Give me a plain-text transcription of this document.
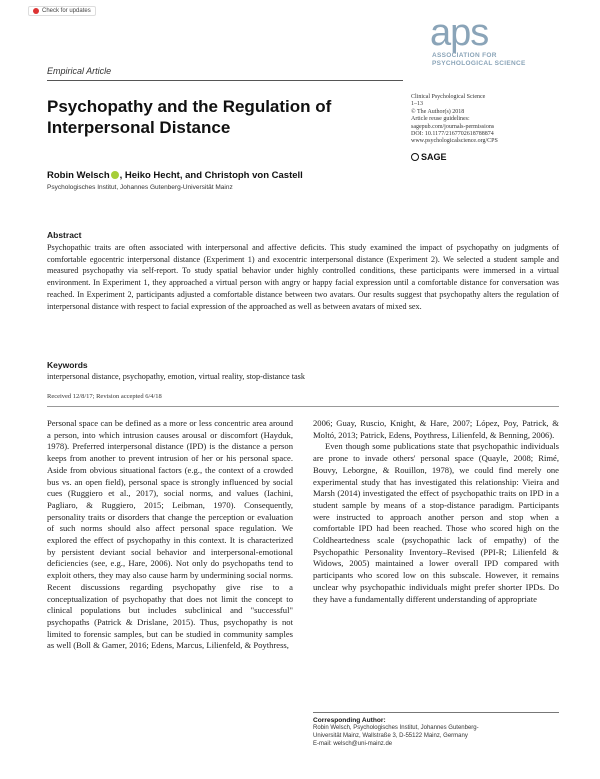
Check for updates
aps
ASSOCIATION FOR
PSYCHOLOGICAL SCIENCE
Empirical Article
Psychopathy and the Regulation of Interpersonal Distance
Clinical Psychological Science
1–13
© The Author(s) 2018
Article reuse guidelines:
sagepub.com/journals-permissions
DOI: 10.1177/2167702618788874
www.psychologicalscience.org/CPS
SAGE
Robin Welsch , Heiko Hecht, and Christoph von Castell
Psychologisches Institut, Johannes Gutenberg-Universität Mainz
Abstract

Psychopathic traits are often associated with interpersonal and affective deficits. This study examined the impact of psychopathy on judgments of comfortable egocentric interpersonal distance (Experiment 1) and exocentric interpersonal distance (Experiment 2). We selected a student sample and measured psychopathy via self-report. To study spatial behavior under highly controlled conditions, these participants were immersed in a virtual environment. In Experiment 1, they approached a virtual person with angry or happy facial expression until a comfortable distance for conversation was reached. In Experiment 2, participants adjusted a comfortable distance between two avatars. Our results suggest that psychopathy alters the regulation of interpersonal distance with respect to facial expression of the approached as well as between avatars of mixed sex.

Keywords
interpersonal distance, psychopathy, emotion, virtual reality, stop-distance task
Received 12/8/17; Revision accepted 6/4/18

Personal space can be defined as a more or less concentric area around a person, into which intrusion causes arousal or discomfort (Hayduk, 1978). Preferred interpersonal distance (IPD) is the distance a person keeps from another to prevent intrusion of her or his personal space. Aside from obvious situational factors (e.g., the context of a crowded bus vs. an open field), personal space is strongly influenced by social cues (Ruggiero et al., 2017), social norms, and values (Iachini, Pagliaro, & Ruggiero, 2015; Leibman, 1970). Consequently, personality traits or disorders that change the perception or evaluation of such norms should also affect personal space regulation. We explored the effect of psychopathy in this context. It is characterized by persistent deviant social behavior and interpersonal-emotional deficiencies (see, e.g., Hare, 2006). Not only do psychopaths tend to exploit others, they may also cause harm by undermining social norms. Recent discussions regarding psychopathy give rise to a conceptualization of psychopathy that does not limit the concept to clinical populations but includes subclinical and "successful" psychopaths (Patrick & Drislane, 2015). Thus, psychopathy is not limited to forensic samples, but can be studied in community samples as well (Boll & Gamer, 2016; Edens, Marcus, Lilienfeld, & Poythress,

2006; Guay, Ruscio, Knight, & Hare, 2007; López, Poy, Patrick, & Moltó, 2013; Patrick, Edens, Poythress, Lilienfeld, & Benning, 2006).

Even though some publications state that psychopathic individuals are prone to invade others' personal space (Quayle, 2008; Rimé, Bouvy, Leborgne, & Rouillon, 1978), we could find merely one experimental study that has investigated this relationship: Vieira and Marsh (2014) investigated the effect of psychopathic traits on IPD in a student sample by means of a stop-distance paradigm. Participants were instructed to approach another person and stop when a comfortable IPD had been reached. Those who scored high on the Coldheartedness scale (psychopathic lack of empathy) of the Psychopathic Personality Inventory–Revised (PPI-R; Lilienfeld & Widows, 2005) maintained a lower overall IPD compared with participants who scored low on this subscale. However, it remains unclear why psychopathic individuals might prefer shorter IPDs. Do they have a fundamentally different understanding of appropriate

Corresponding Author:
Robin Welsch, Psychologisches Institut, Johannes Gutenberg-
Universität Mainz, Wallstraße 3, D-55122 Mainz, Germany
E-mail: welsch@uni-mainz.de
